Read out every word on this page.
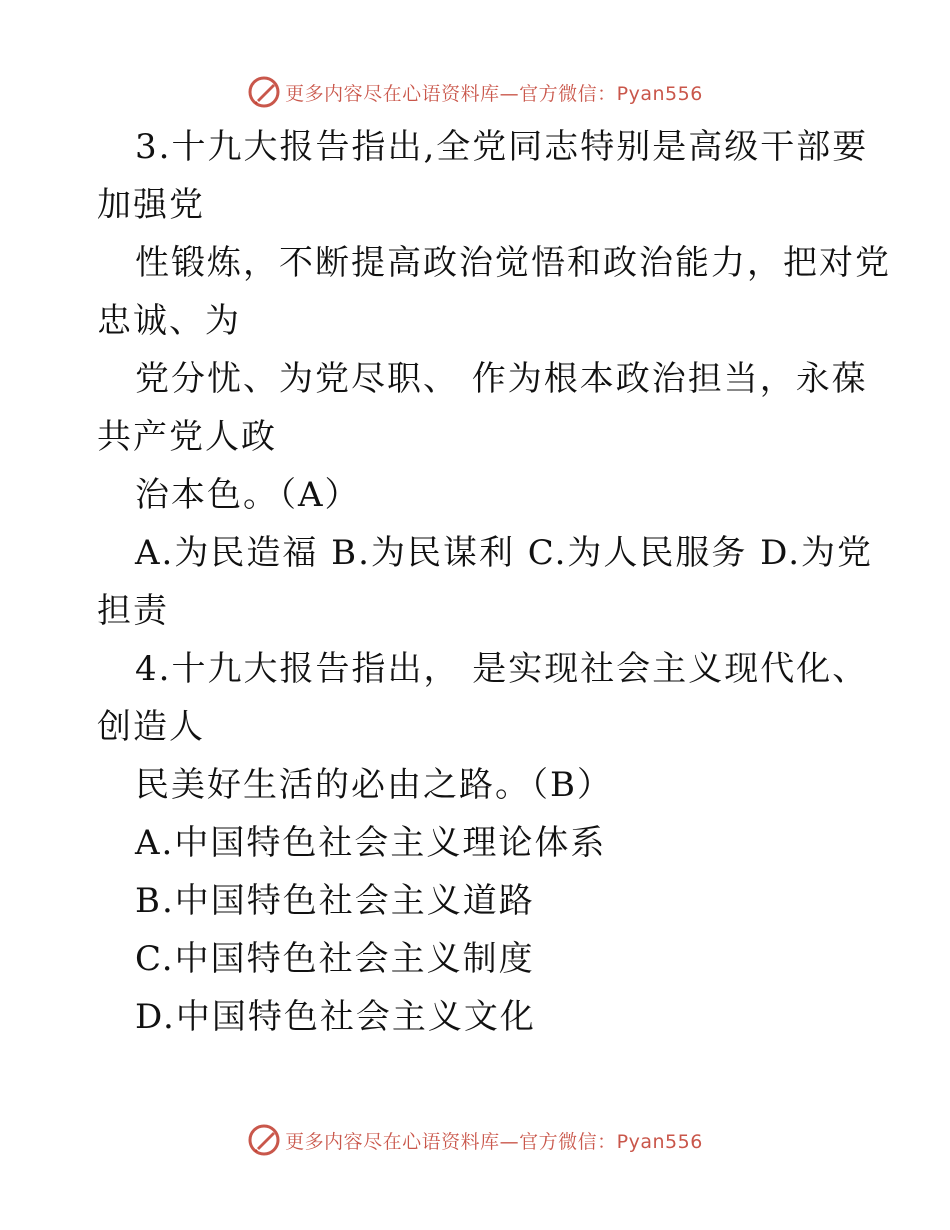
更多内容尽在心语资料库—官方微信：Pyan556
3.十九大报告指出,全党同志特别是高级干部要
加强党
性锻炼，不断提高政治觉悟和政治能力，把对党
忠诚、为
党分忧、为党尽职、 作为根本政治担当，永葆
共产党人政
治本色。（A）
A.为民造福 B.为民谋利 C.为人民服务 D.为党
担责
4.十九大报告指出， 是实现社会主义现代化、
创造人
民美好生活的必由之路。（B）
A.中国特色社会主义理论体系
B.中国特色社会主义道路
C.中国特色社会主义制度
D.中国特色社会主义文化
更多内容尽在心语资料库—官方微信：Pyan556
